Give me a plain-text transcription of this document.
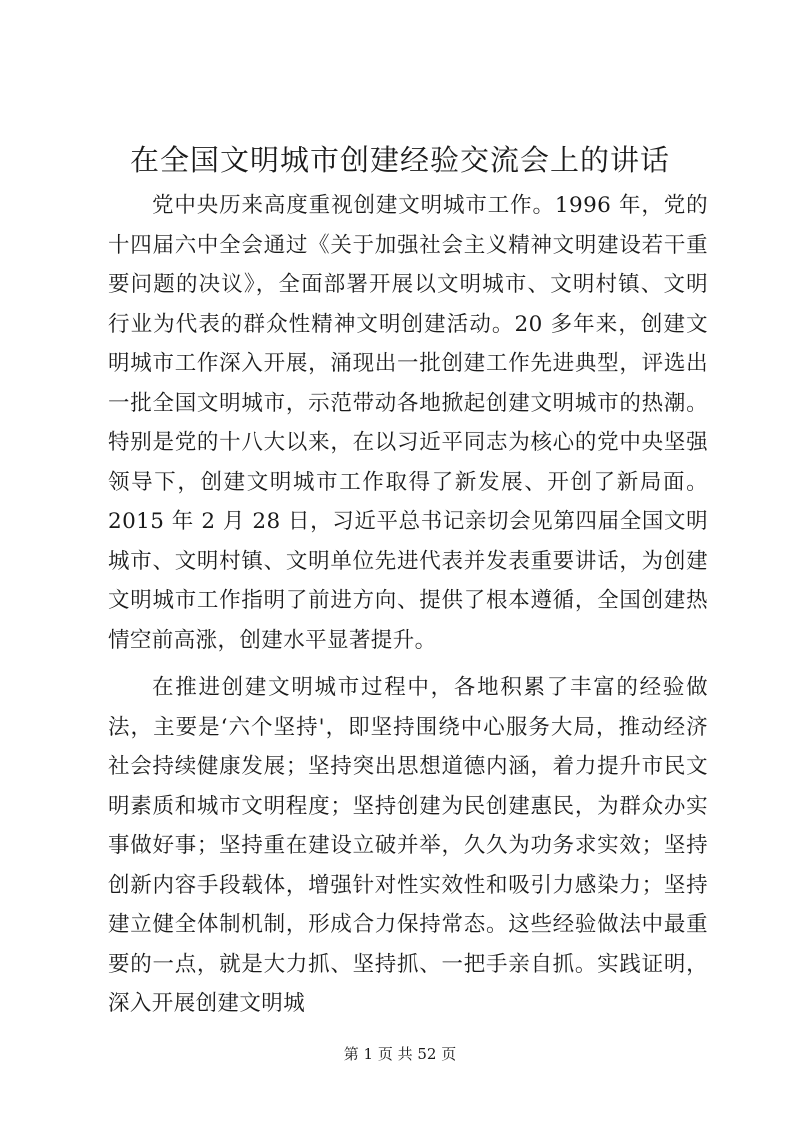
在全国文明城市创建经验交流会上的讲话

党中央历来高度重视创建文明城市工作。1996 年，党的十四届六中全会通过《关于加强社会主义精神文明建设若干重要问题的决议》，全面部署开展以文明城市、文明村镇、文明行业为代表的群众性精神文明创建活动。20 多年来，创建文明城市工作深入开展，涌现出一批创建工作先进典型，评选出一批全国文明城市，示范带动各地掀起创建文明城市的热潮。特别是党的十八大以来，在以习近平同志为核心的党中央坚强领导下，创建文明城市工作取得了新发展、开创了新局面。2015 年 2 月 28 日，习近平总书记亲切会见第四届全国文明城市、文明村镇、文明单位先进代表并发表重要讲话，为创建文明城市工作指明了前进方向、提供了根本遵循，全国创建热情空前高涨，创建水平显著提升。

在推进创建文明城市过程中，各地积累了丰富的经验做法，主要是‘六个坚持'，即坚持围绕中心服务大局，推动经济社会持续健康发展；坚持突出思想道德内涵，着力提升市民文明素质和城市文明程度；坚持创建为民创建惠民，为群众办实事做好事；坚持重在建设立破并举，久久为功务求实效；坚持创新内容手段载体，增强针对性实效性和吸引力感染力；坚持建立健全体制机制，形成合力保持常态。这些经验做法中最重要的一点，就是大力抓、坚持抓、一把手亲自抓。实践证明，深入开展创建文明城

第 1 页 共 52 页
